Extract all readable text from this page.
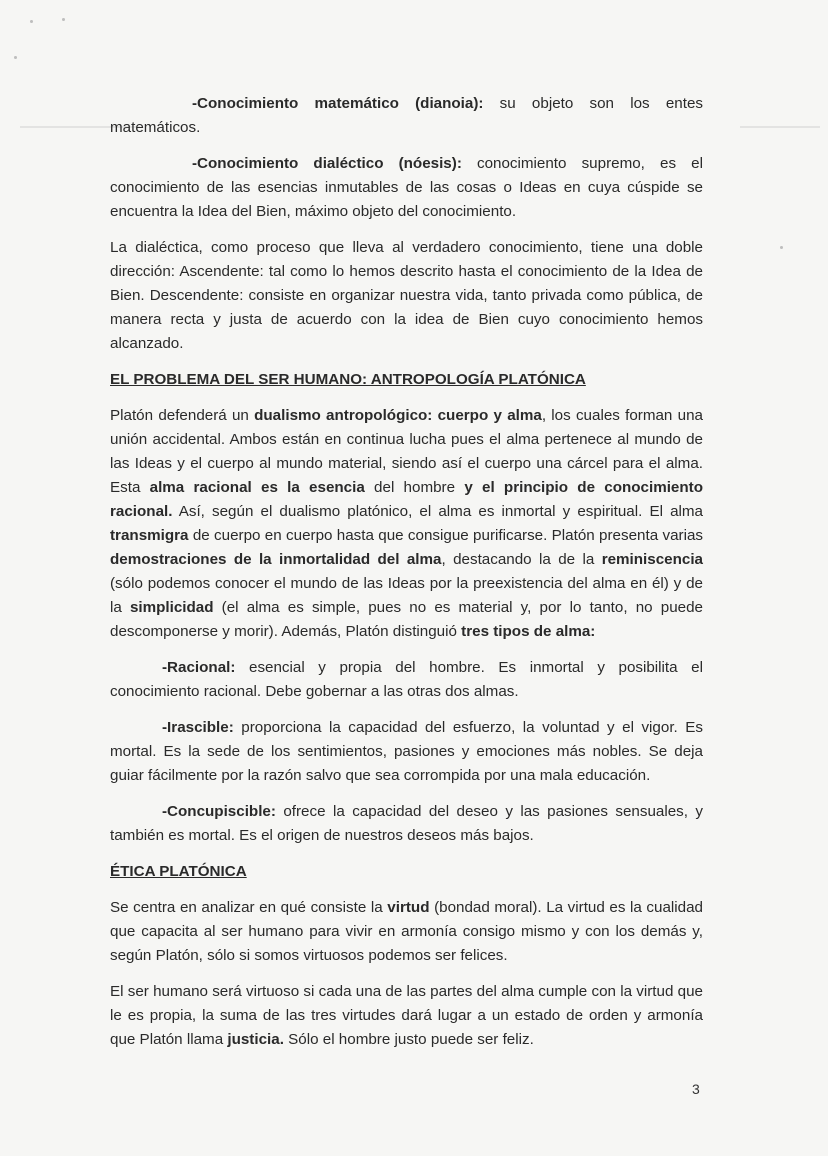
-Conocimiento matemático (dianoia): su objeto son los entes matemáticos.

-Conocimiento dialéctico (nóesis): conocimiento supremo, es el conocimiento de las esencias inmutables de las cosas o Ideas en cuya cúspide se encuentra la Idea del Bien, máximo objeto del conocimiento.

La dialéctica, como proceso que lleva al verdadero conocimiento, tiene una doble dirección: Ascendente: tal como lo hemos descrito hasta el conocimiento de la Idea de Bien. Descendente: consiste en organizar nuestra vida, tanto privada como pública, de manera recta y justa de acuerdo con la idea de Bien cuyo conocimiento hemos alcanzado.

EL PROBLEMA DEL SER HUMANO: ANTROPOLOGÍA PLATÓNICA

Platón defenderá un dualismo antropológico: cuerpo y alma, los cuales forman una unión accidental. Ambos están en continua lucha pues el alma pertenece al mundo de las Ideas y el cuerpo al mundo material, siendo así el cuerpo una cárcel para el alma. Esta alma racional es la esencia del hombre y el principio de conocimiento racional. Así, según el dualismo platónico, el alma es inmortal y espiritual. El alma transmigra de cuerpo en cuerpo hasta que consigue purificarse. Platón presenta varias demostraciones de la inmortalidad del alma, destacando la de la reminiscencia (sólo podemos conocer el mundo de las Ideas por la preexistencia del alma en él) y de la simplicidad (el alma es simple, pues no es material y, por lo tanto, no puede descomponerse y morir). Además, Platón distinguió tres tipos de alma:

-Racional: esencial y propia del hombre. Es inmortal y posibilita el conocimiento racional. Debe gobernar a las otras dos almas.

-Irascible: proporciona la capacidad del esfuerzo, la voluntad y el vigor. Es mortal. Es la sede de los sentimientos, pasiones y emociones más nobles. Se deja guiar fácilmente por la razón salvo que sea corrompida por una mala educación.

-Concupiscible: ofrece la capacidad del deseo y las pasiones sensuales, y también es mortal. Es el origen de nuestros deseos más bajos.

ÉTICA PLATÓNICA

Se centra en analizar en qué consiste la virtud (bondad moral). La virtud es la cualidad que capacita al ser humano para vivir en armonía consigo mismo y con los demás y, según Platón, sólo si somos virtuosos podemos ser felices.

El ser humano será virtuoso si cada una de las partes del alma cumple con la virtud que le es propia, la suma de las tres virtudes dará lugar a un estado de orden y armonía que Platón llama justicia. Sólo el hombre justo puede ser feliz.

3
